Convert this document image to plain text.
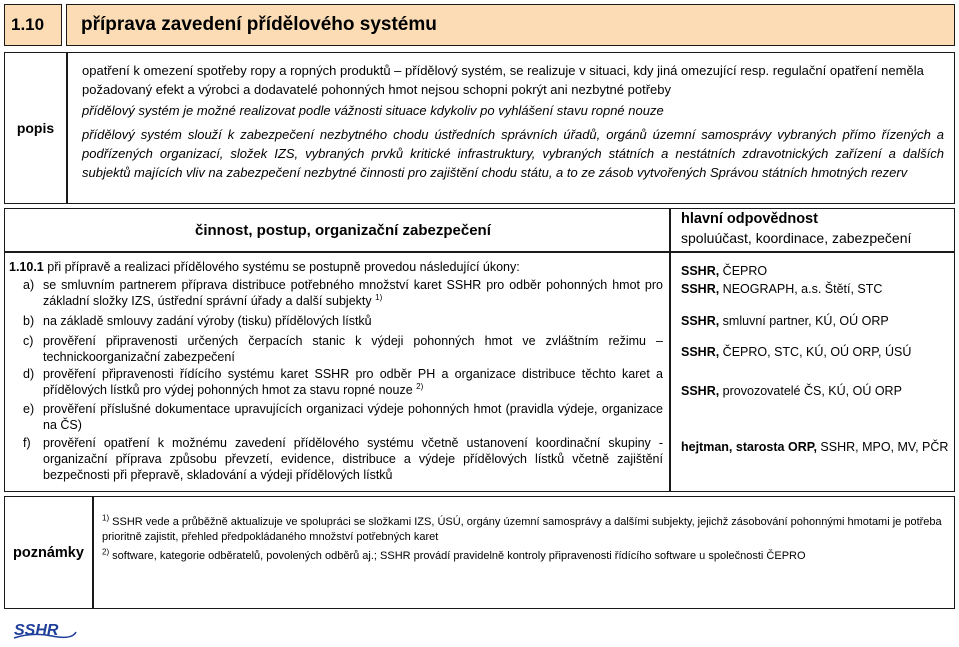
1.10	příprava zavedení přídělového systému
popis

opatření k omezení spotřeby ropy a ropných produktů – přídělový systém, se realizuje v situaci, kdy jiná omezující resp. regulační opatření neměla požadovaný efekt a výrobci a dodavatelé pohonných hmot nejsou schopni pokrýt ani nezbytné potřeby

přídělový systém je možné realizovat podle vážnosti situace kdykoliv po vyhlášení stavu ropné nouze

přídělový systém slouží k zabezpečení nezbytného chodu ústředních správních úřadů, orgánů územní samosprávy vybraných přímo řízených a podřízených organizací, složek IZS, vybraných prvků kritické infrastruktury, vybraných státních a nestátních zdravotnických zařízení a dalších subjektů majících vliv na zabezpečení nezbytné činnosti pro zajištění chodu státu, a to ze zásob vytvořených Správou státních hmotných rezerv

činnost, postup, organizační zabezpečení
hlavní odpovědnost
spoluúčast, koordinace, zabezpečení
1.10.1 při přípravě a realizaci přídělového systému se postupně provedou následující úkony:
a) se smluvním partnerem příprava distribuce potřebného množství karet SSHR pro odběr pohonných hmot pro základní složky IZS, ústřední správní úřady a další subjekty $^{1)}$
b) na základě smlouvy zadání výroby (tisku) přídělových lístků
c) prověření připravenosti určených čerpacích stanic k výdeji pohonných hmot ve zvláštním režimu – technickoorganizační zabezpečení
d) prověření připravenosti řídícího systému karet SSHR pro odběr PH a organizace distribuce těchto karet a přídělových lístků pro výdej pohonných hmot za stavu ropné nouze $^{2)}$
e) prověření příslušné dokumentace upravujících organizaci výdeje pohonných hmot (pravidla výdeje, organizace na ČS)
f) prověření opatření k možnému zavedení přídělového systému včetně ustanovení koordinační skupiny - organizační příprava způsobu převzetí, evidence, distribuce a výdeje přídělových lístků včetně zajištění bezpečnosti při přepravě, skladování a výdeji přídělových lístků
SSHR, ČEPRO
SSHR, NEOGRAPH, a.s. Štětí, STC
SSHR, smluvní partner, KÚ, OÚ ORP
SSHR, ČEPRO, STC, KÚ, OÚ ORP, ÚSÚ
SSHR, provozovatelé ČS, KÚ, OÚ ORP
hejtman, starosta ORP, SSHR, MPO, MV, PČR
poznámky

$^{1)}$ SSHR vede a průběžně aktualizuje ve spolupráci se složkami IZS, ÚSÚ, orgány územní samosprávy a dalšími subjekty, jejichž zásobování pohonnými hmotami je potřeba prioritně zajistit, přehled předpokládaného množství potřebných karet

$^{2)}$ software, kategorie odběratelů, povolených odběrů aj.; SSHR provádí pravidelně kontroly připravenosti řídícího software u společnosti ČEPRO

SSHR
